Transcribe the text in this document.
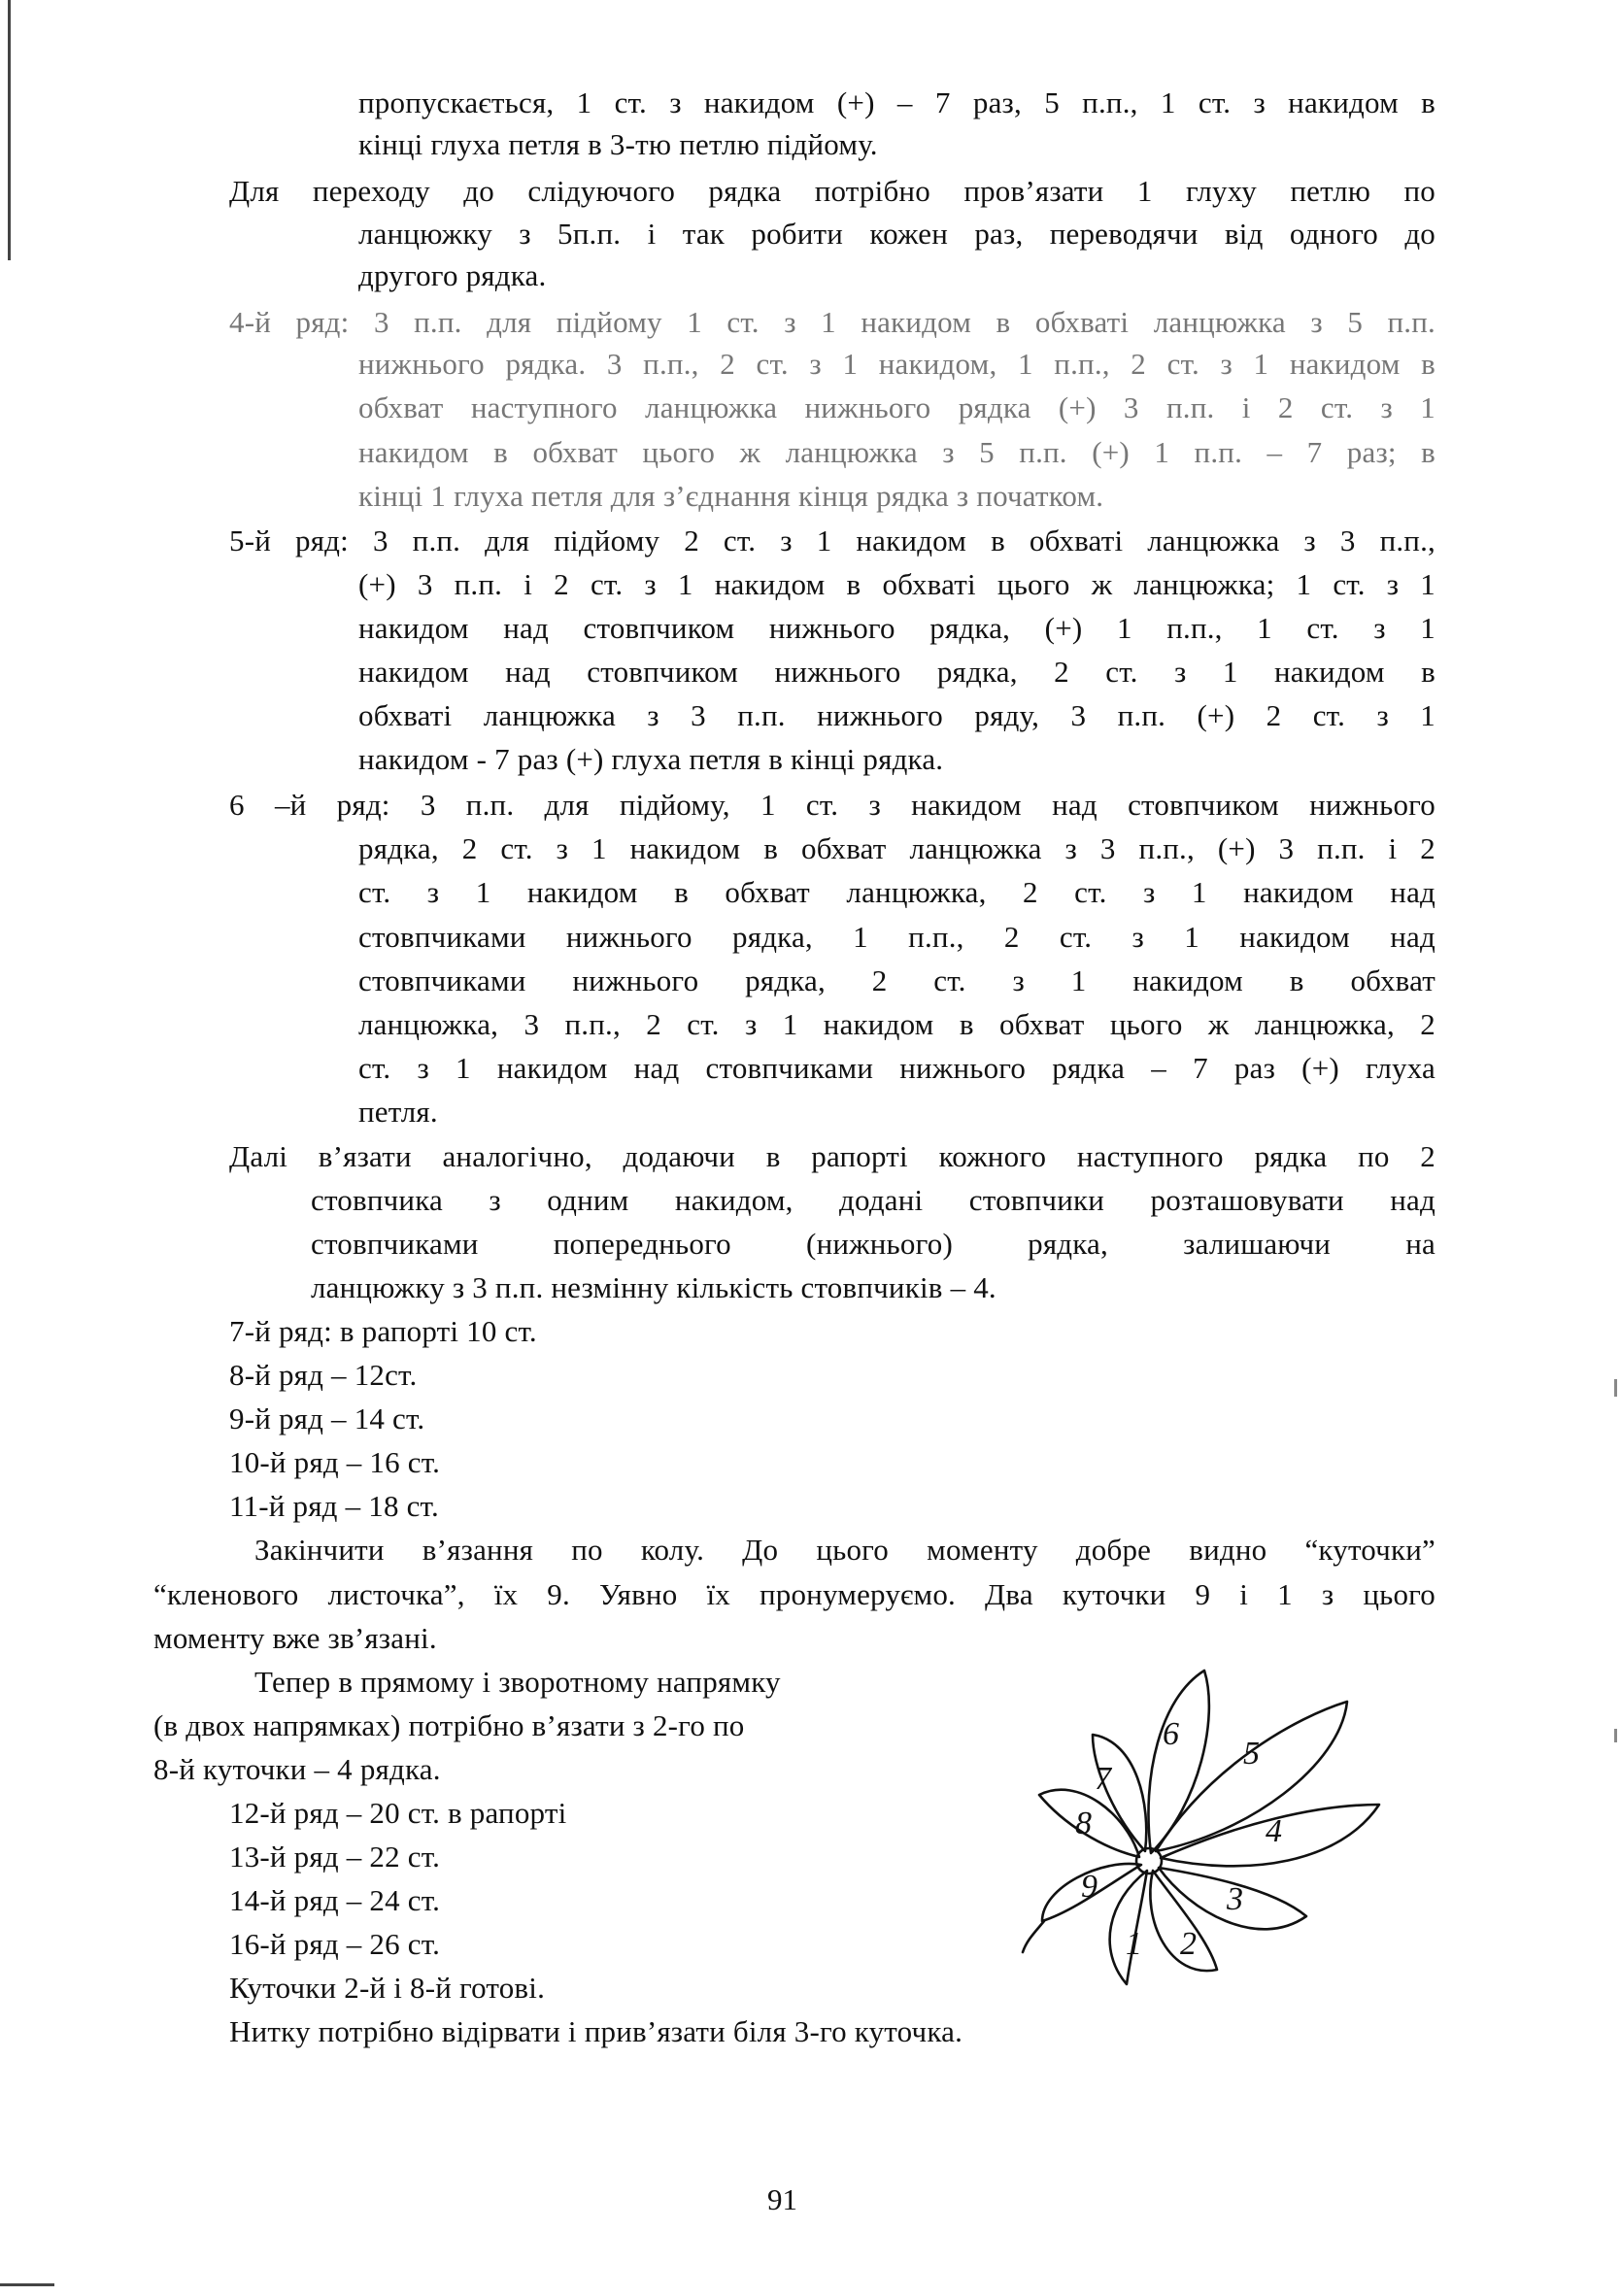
пропускається, 1 ст. з накидом (+) – 7 раз, 5 п.п., 1 ст. з накидом в
кінці глуха петля в 3-тю петлю підйому.
Для переходу до слідуючого рядка потрібно пров’язати 1 глуху петлю по
ланцюжку з 5п.п. і так робити кожен раз, переводячи від одного до
другого рядка.
4-й ряд: 3 п.п. для підйому 1 ст. з 1 накидом в обхваті ланцюжка з 5 п.п.
нижнього рядка. 3 п.п., 2 ст. з 1 накидом, 1 п.п., 2 ст. з 1 накидом в
обхват наступного ланцюжка нижнього рядка (+) 3 п.п. і 2 ст. з 1
накидом в обхват цього ж ланцюжка з 5 п.п. (+) 1 п.п. – 7 раз; в
кінці 1 глуха петля для з’єднання кінця рядка з початком.
5-й ряд: 3 п.п. для підйому 2 ст. з 1 накидом в обхваті ланцюжка з 3 п.п.,
(+) 3 п.п. і 2 ст. з 1 накидом в обхваті цього ж ланцюжка; 1 ст. з 1
накидом над стовпчиком нижнього рядка, (+) 1 п.п., 1 ст. з 1
накидом над стовпчиком нижнього рядка, 2 ст. з 1 накидом в
обхваті ланцюжка з 3 п.п. нижнього ряду, 3 п.п. (+) 2 ст. з 1
накидом - 7 раз (+) глуха петля в кінці рядка.
6 –й ряд: 3 п.п. для підйому, 1 ст. з накидом над стовпчиком нижнього
рядка, 2 ст. з 1 накидом в обхват ланцюжка з 3 п.п., (+) 3 п.п. і 2
ст. з 1 накидом в обхват ланцюжка, 2 ст. з 1 накидом над
стовпчиками нижнього рядка, 1 п.п., 2 ст. з 1 накидом над
стовпчиками нижнього рядка, 2 ст. з 1 накидом в обхват
ланцюжка, 3 п.п., 2 ст. з 1 накидом в обхват цього ж ланцюжка, 2
ст. з 1 накидом над стовпчиками нижнього рядка – 7 раз (+) глуха
петля.
Далі в’язати аналогічно, додаючи в рапорті кожного наступного рядка по 2
стовпчика з одним накидом, додані стовпчики розташовувати над
стовпчиками попереднього (нижнього) рядка, залишаючи на
ланцюжку з 3 п.п. незмінну кількість стовпчиків – 4.
7-й ряд: в рапорті 10 ст.
8-й ряд – 12ст.
9-й ряд – 14 ст.
10-й ряд – 16 ст.
11-й ряд – 18 ст.
Закінчити в’язання по колу. До цього моменту добре видно “куточки”
“кленового листочка”, їх 9. Уявно їх пронумеруємо. Два куточки 9 і 1 з цього
моменту вже зв’язані.
Тепер в прямому і зворотному напрямку
(в двох напрямках) потрібно в’язати з 2-го по
8-й куточки – 4 рядка.
12-й ряд – 20 ст. в рапорті
13-й ряд – 22 ст.
14-й ряд – 24 ст.
16-й ряд – 26 ст.
Куточки 2-й і 8-й готові.
Нитку потрібно відірвати і прив’язати біля 3-го куточка.
1 2
3
4
5
6
7
8
9
91
